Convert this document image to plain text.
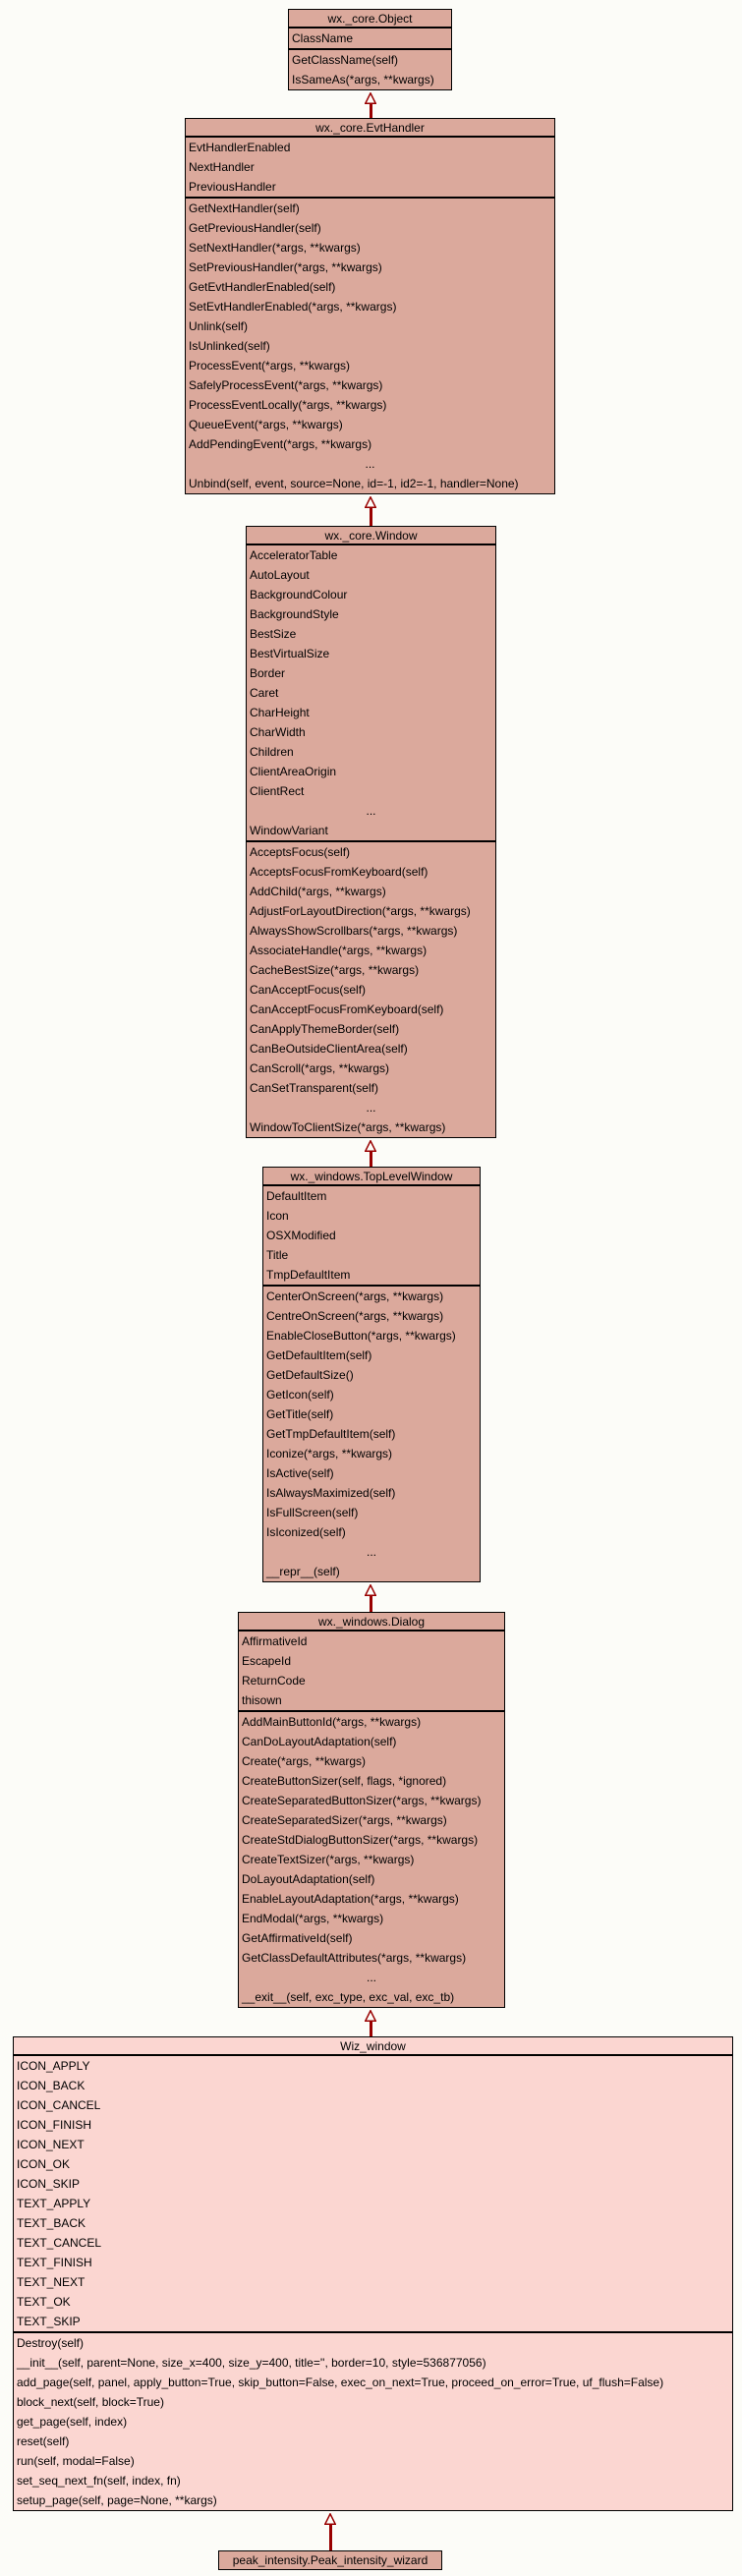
wx._core.Object
ClassName
GetClassName(self)
IsSameAs(*args, **kwargs)
wx._core.EvtHandler
EvtHandlerEnabled
NextHandler
PreviousHandler
GetNextHandler(self)
GetPreviousHandler(self)
SetNextHandler(*args, **kwargs)
SetPreviousHandler(*args, **kwargs)
GetEvtHandlerEnabled(self)
SetEvtHandlerEnabled(*args, **kwargs)
Unlink(self)
IsUnlinked(self)
ProcessEvent(*args, **kwargs)
SafelyProcessEvent(*args, **kwargs)
ProcessEventLocally(*args, **kwargs)
QueueEvent(*args, **kwargs)
AddPendingEvent(*args, **kwargs)
...
Unbind(self, event, source=None, id=-1, id2=-1, handler=None)
wx._core.Window
AcceleratorTable
AutoLayout
BackgroundColour
BackgroundStyle
BestSize
BestVirtualSize
Border
Caret
CharHeight
CharWidth
Children
ClientAreaOrigin
ClientRect
...
WindowVariant
AcceptsFocus(self)
AcceptsFocusFromKeyboard(self)
AddChild(*args, **kwargs)
AdjustForLayoutDirection(*args, **kwargs)
AlwaysShowScrollbars(*args, **kwargs)
AssociateHandle(*args, **kwargs)
CacheBestSize(*args, **kwargs)
CanAcceptFocus(self)
CanAcceptFocusFromKeyboard(self)
CanApplyThemeBorder(self)
CanBeOutsideClientArea(self)
CanScroll(*args, **kwargs)
CanSetTransparent(self)
...
WindowToClientSize(*args, **kwargs)
wx._windows.TopLevelWindow
DefaultItem
Icon
OSXModified
Title
TmpDefaultItem
CenterOnScreen(*args, **kwargs)
CentreOnScreen(*args, **kwargs)
EnableCloseButton(*args, **kwargs)
GetDefaultItem(self)
GetDefaultSize()
GetIcon(self)
GetTitle(self)
GetTmpDefaultItem(self)
Iconize(*args, **kwargs)
IsActive(self)
IsAlwaysMaximized(self)
IsFullScreen(self)
IsIconized(self)
...
__repr__(self)
wx._windows.Dialog
AffirmativeId
EscapeId
ReturnCode
thisown
AddMainButtonId(*args, **kwargs)
CanDoLayoutAdaptation(self)
Create(*args, **kwargs)
CreateButtonSizer(self, flags, *ignored)
CreateSeparatedButtonSizer(*args, **kwargs)
CreateSeparatedSizer(*args, **kwargs)
CreateStdDialogButtonSizer(*args, **kwargs)
CreateTextSizer(*args, **kwargs)
DoLayoutAdaptation(self)
EnableLayoutAdaptation(*args, **kwargs)
EndModal(*args, **kwargs)
GetAffirmativeId(self)
GetClassDefaultAttributes(*args, **kwargs)
...
__exit__(self, exc_type, exc_val, exc_tb)
Wiz_window
ICON_APPLY
ICON_BACK
ICON_CANCEL
ICON_FINISH
ICON_NEXT
ICON_OK
ICON_SKIP
TEXT_APPLY
TEXT_BACK
TEXT_CANCEL
TEXT_FINISH
TEXT_NEXT
TEXT_OK
TEXT_SKIP
Destroy(self)
__init__(self, parent=None, size_x=400, size_y=400, title='', border=10, style=536877056)
add_page(self, panel, apply_button=True, skip_button=False, exec_on_next=True, proceed_on_error=True, uf_flush=False)
block_next(self, block=True)
get_page(self, index)
reset(self)
run(self, modal=False)
set_seq_next_fn(self, index, fn)
setup_page(self, page=None, **kargs)
peak_intensity.Peak_intensity_wizard
